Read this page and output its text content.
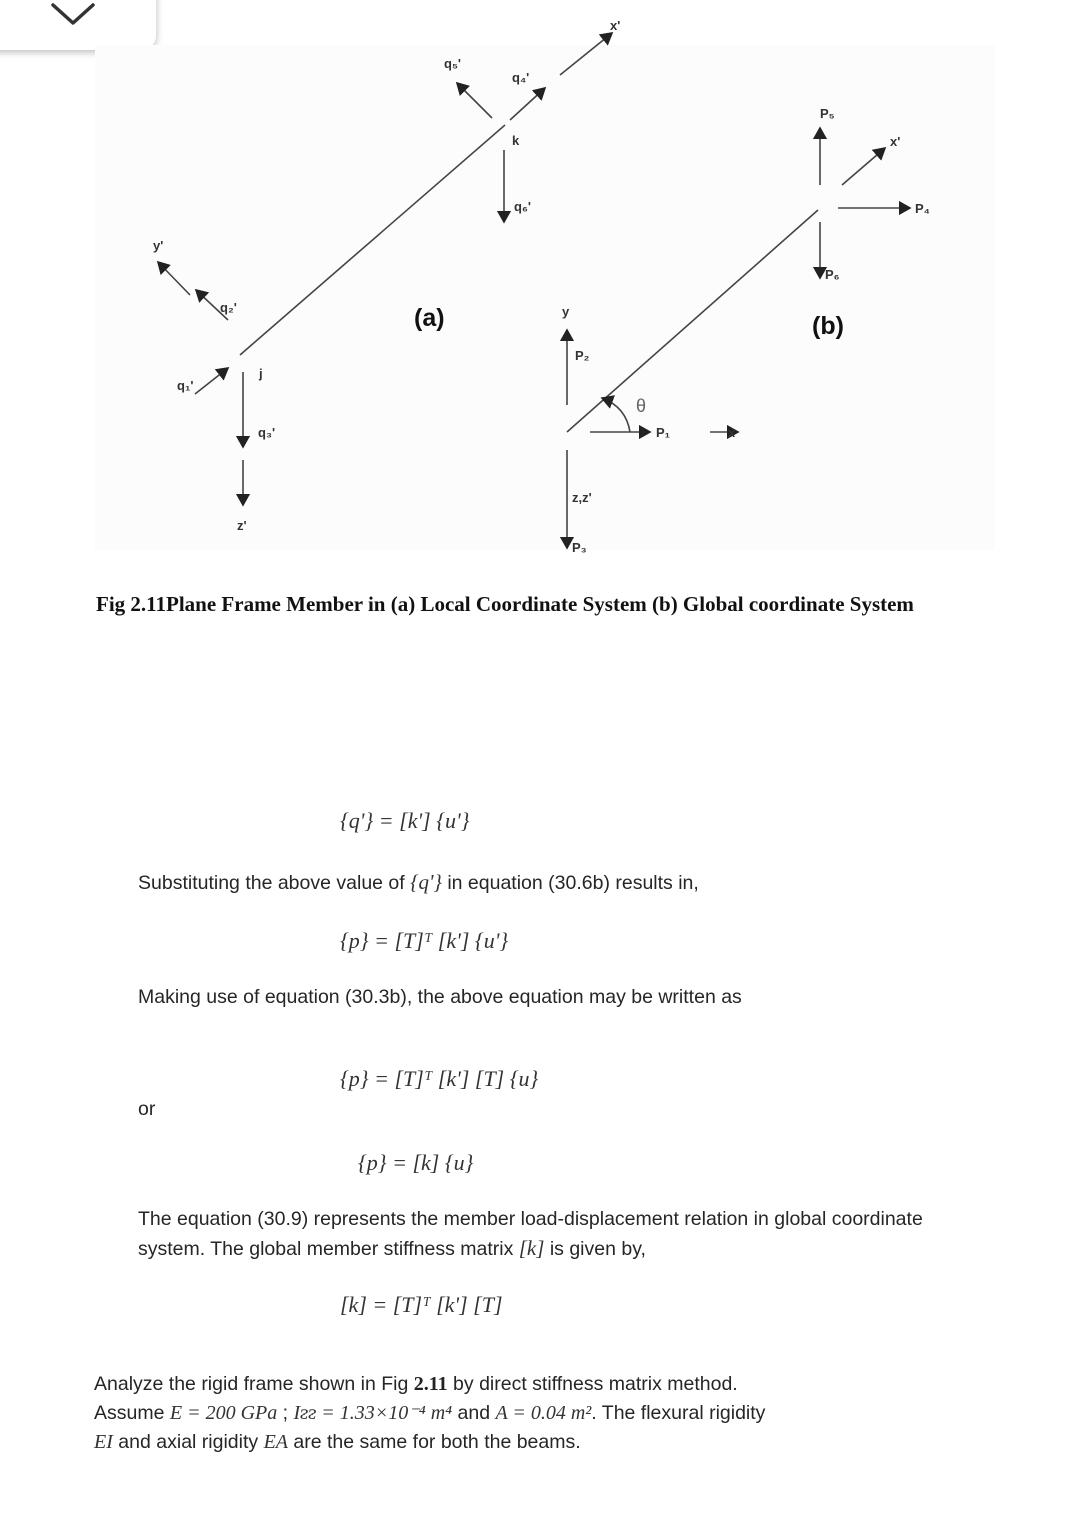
q₁'
q₂'
q₃'
q₄'
q₅'
q₆'
y'
x'
z'
j
k
y
x
z,z'
x'
P₁
P₂
P₃
P₄
P₅
P₆
θ
(a)	(b)
Fig 2.11Plane Frame Member in (a) Local Coordinate System (b) Global coordinate System
{q'} = [k'] {u'}
Substituting the above value of {q'} in equation (30.6b) results in,
{p} = [T]ᵀ [k'] {u'}
Making use of equation (30.3b), the above equation may be written as
{p} = [T]ᵀ [k'] [T] {u}
or
{p} = [k] {u}
The equation (30.9) represents the member load-displacement relation in global coordinate system. The global member stiffness matrix [k] is given by,
[k] = [T]ᵀ [k'] [T]
Analyze the rigid frame shown in Fig 2.11 by direct stiffness matrix method.
Assume E = 200 GPa ; Iᴤᴤ = 1.33×10⁻⁴ m⁴ and A = 0.04 m². The flexural rigidity
EI and axial rigidity EA are the same for both the beams.
